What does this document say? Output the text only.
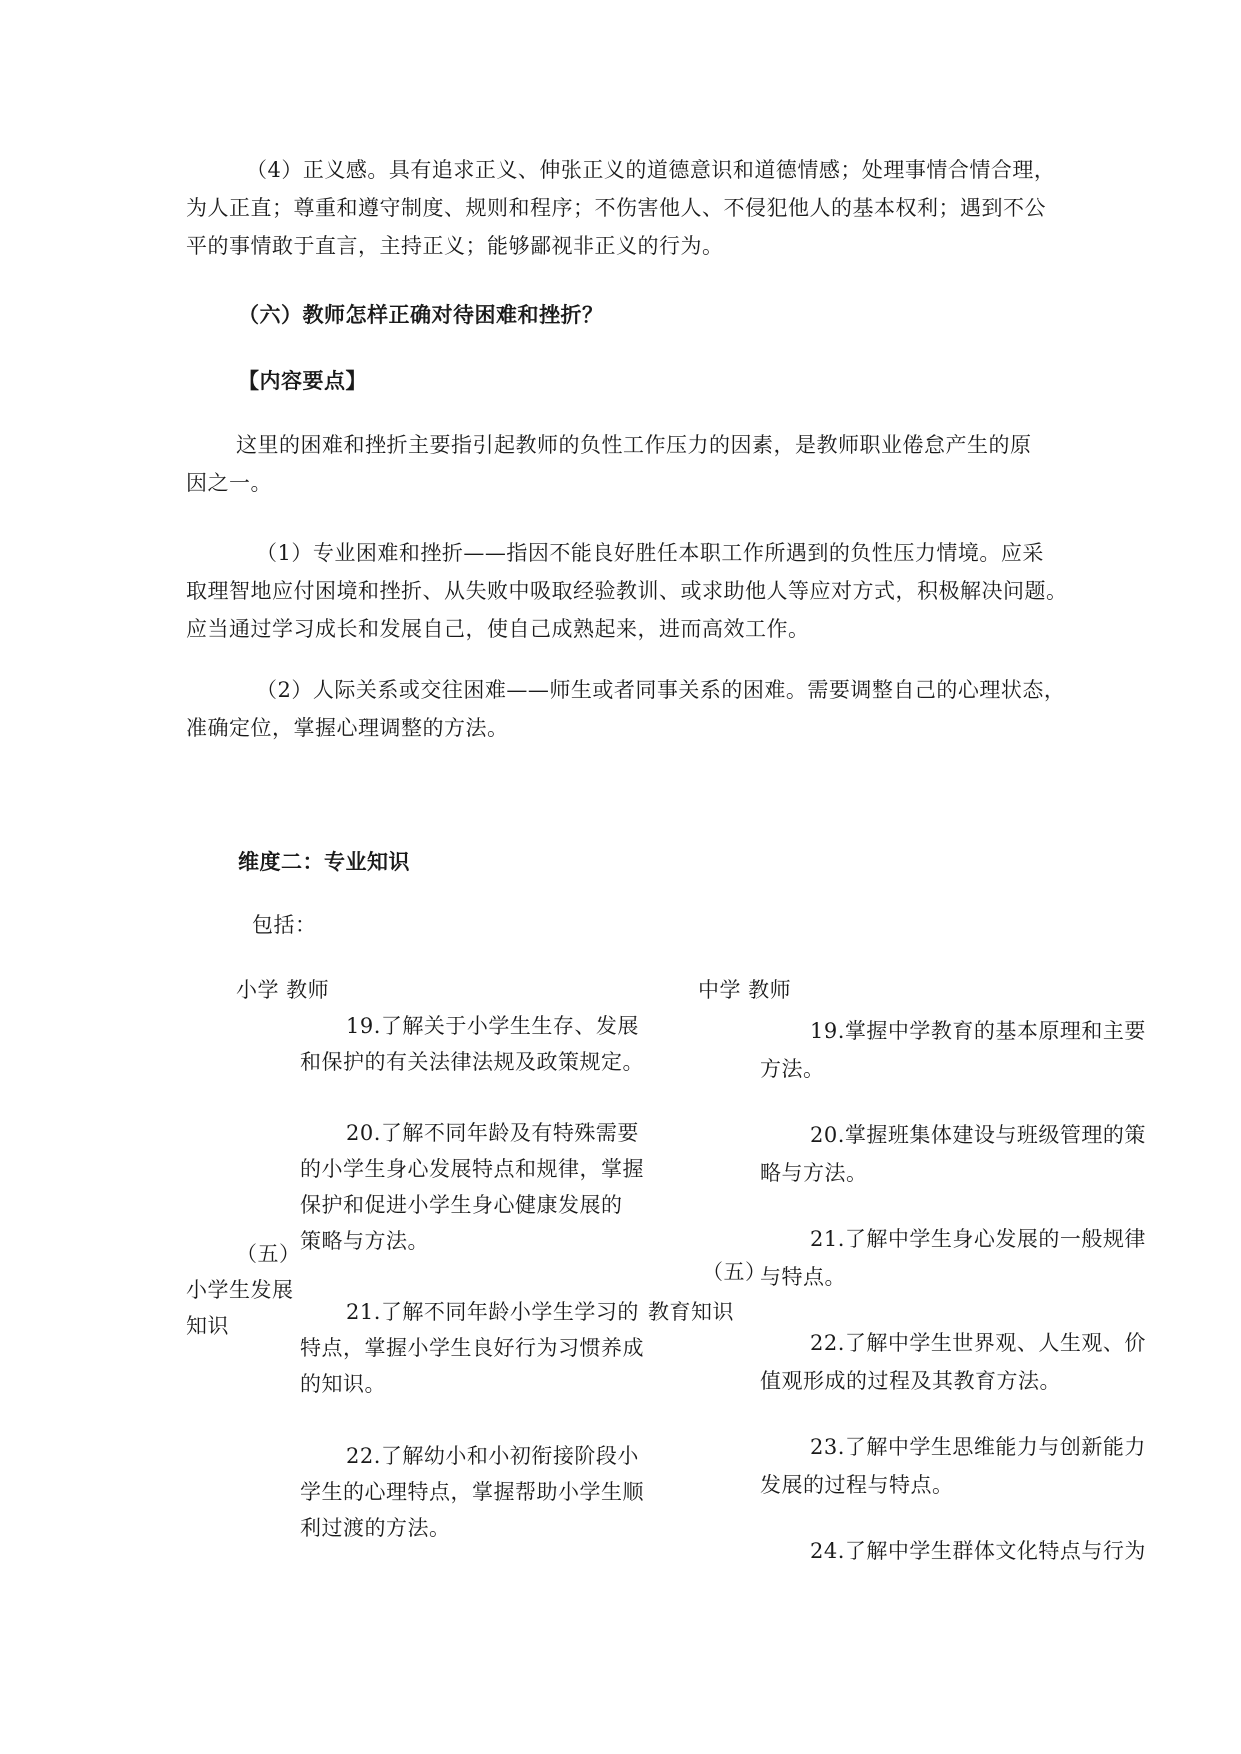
（4）正义感。具有追求正义、伸张正义的道德意识和道德情感；处理事情合情合理，
为人正直；尊重和遵守制度、规则和程序；不伤害他人、不侵犯他人的基本权利；遇到不公
平的事情敢于直言，主持正义；能够鄙视非正义的行为。
（六）教师怎样正确对待困难和挫折？
【内容要点】
这里的困难和挫折主要指引起教师的负性工作压力的因素，是教师职业倦怠产生的原
因之一。
（1）专业困难和挫折——指因不能良好胜任本职工作所遇到的负性压力情境。应采
取理智地应付困境和挫折、从失败中吸取经验教训、或求助他人等应对方式，积极解决问题。
应当通过学习成长和发展自己，使自己成熟起来，进而高效工作。
（2）人际关系或交往困难——师生或者同事关系的困难。需要调整自己的心理状态，
准确定位，掌握心理调整的方法。
维度二：专业知识
包括：
小学 教师
（五）
小学生发展
知识
19.了解关于小学生生存、发展
和保护的有关法律法规及政策规定。
20.了解不同年龄及有特殊需要
的小学生身心发展特点和规律，掌握
保护和促进小学生身心健康发展的
策略与方法。
21.了解不同年龄小学生学习的
特点，掌握小学生良好行为习惯养成
的知识。
22.了解幼小和小初衔接阶段小
学生的心理特点，掌握帮助小学生顺
利过渡的方法。
中学 教师
（五）
教育知识
19.掌握中学教育的基本原理和主要
方法。
20.掌握班集体建设与班级管理的策
略与方法。
21.了解中学生身心发展的一般规律
与特点。
22.了解中学生世界观、人生观、价
值观形成的过程及其教育方法。
23.了解中学生思维能力与创新能力
发展的过程与特点。
24.了解中学生群体文化特点与行为
